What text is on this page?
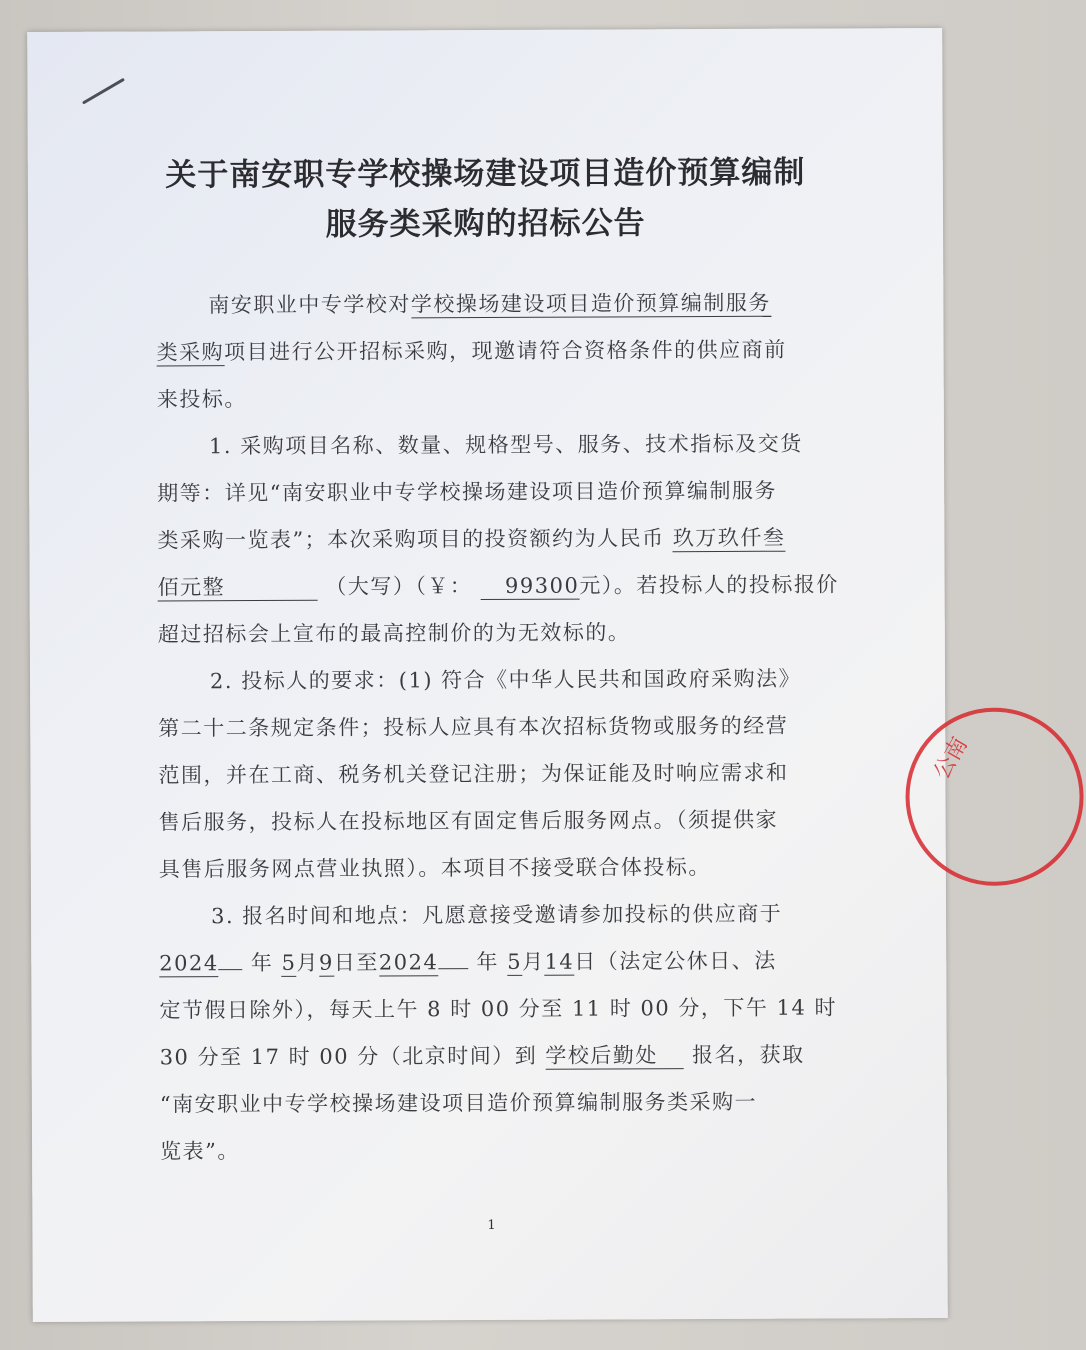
关于南安职专学校操场建设项目造价预算编制
服务类采购的招标公告
南安职业中专学校对学校操场建设项目造价预算编制服务
类采购项目进行公开招标采购，现邀请符合资格条件的供应商前
来投标。
1. 采购项目名称、数量、规格型号、服务、技术指标及交货
期等：详见“南安职业中专学校操场建设项目造价预算编制服务
类采购一览表”；本次采购项目的投资额约为人民币 玖万玖仟叁
佰元整	（大写）（￥： 99300元）。若投标人的投标报价
超过招标会上宣布的最高控制价的为无效标的。
2. 投标人的要求：(1) 符合《中华人民共和国政府采购法》
第二十二条规定条件；投标人应具有本次招标货物或服务的经营
范围，并在工商、税务机关登记注册；为保证能及时响应需求和
售后服务，投标人在投标地区有固定售后服务网点。（须提供家
具售后服务网点营业执照）。本项目不接受联合体投标。
3. 报名时间和地点：凡愿意接受邀请参加投标的供应商于
2024 年 5月9日至2024 年 5月14日（法定公休日、法
定节假日除外），每天上午 8 时 00 分至 11 时 00 分，下午 14 时
30 分至 17 时 00 分（北京时间）到 学校后勤处 报名，获取
“南安职业中专学校操场建设项目造价预算编制服务类采购一
览表”。
1
公南
